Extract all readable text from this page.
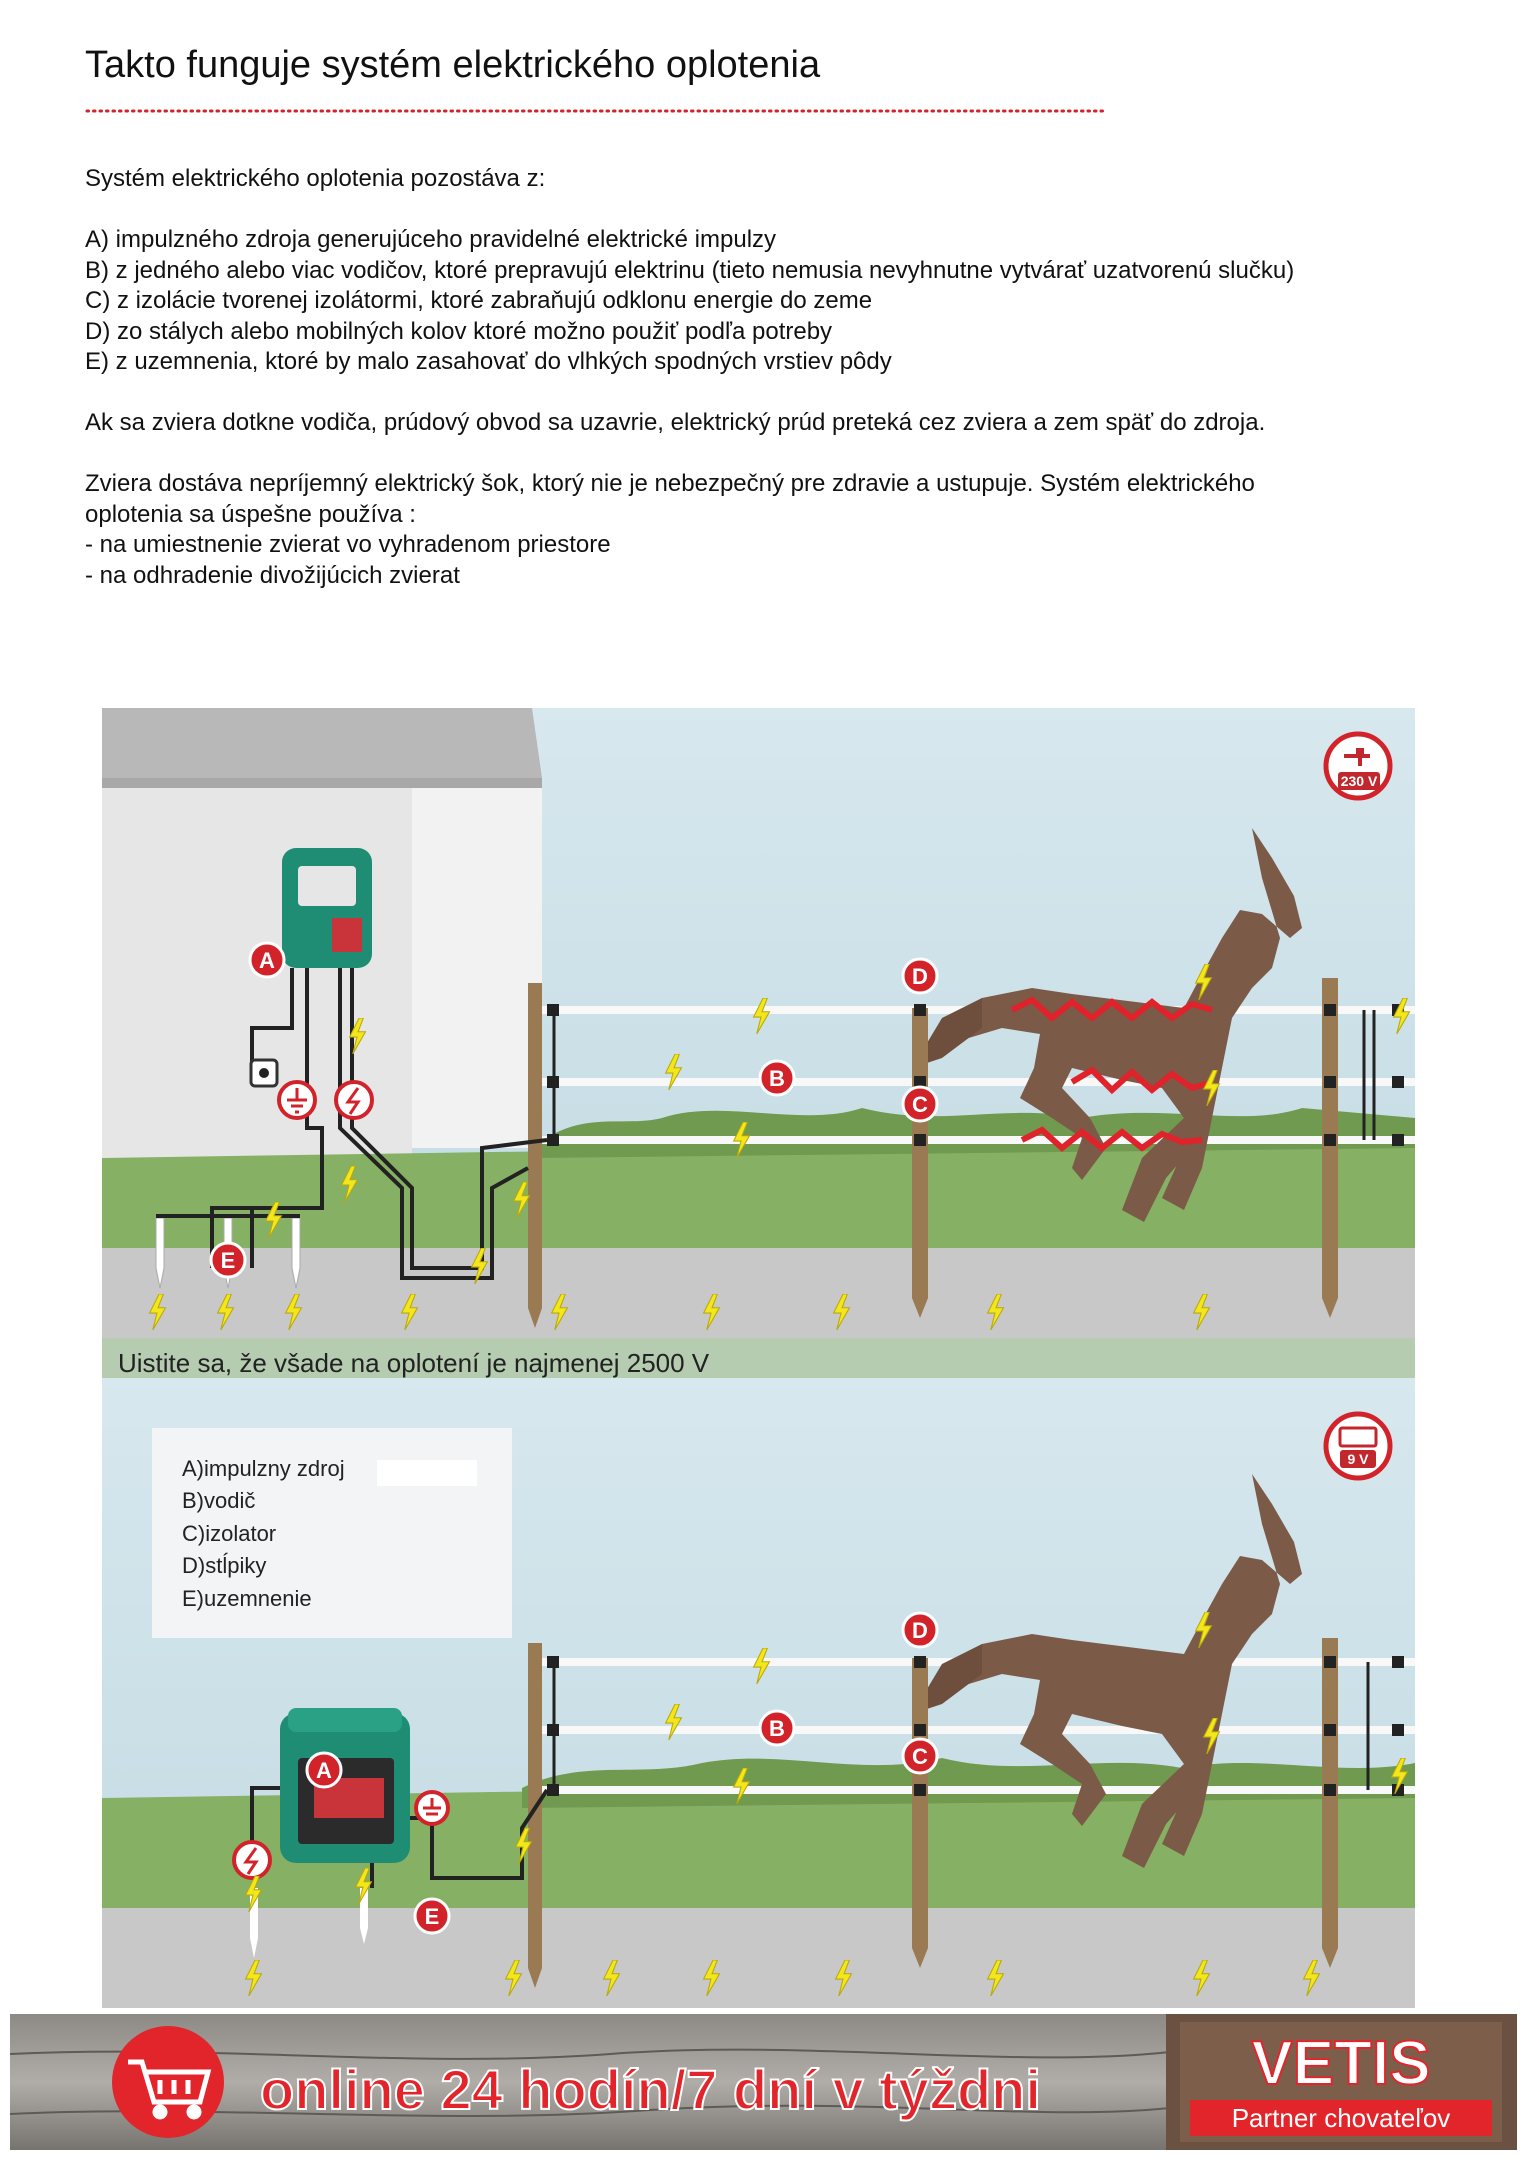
Takto funguje systém elektrického oplotenia
Systém elektrického oplotenia pozostáva z:
A) impulzného zdroja generujúceho pravidelné elektrické impulzy
B) z jedného alebo viac vodičov, ktoré prepravujú elektrinu (tieto nemusia nevyhnutne vytvárať uzatvorenú slučku)
C) z izolácie tvorenej izolátormi, ktoré zabraňujú odklonu energie do zeme
D) zo stálych alebo mobilných kolov ktoré možno použiť podľa potreby
E) z uzemnenia, ktoré by malo zasahovať do vlhkých spodných vrstiev pôdy
Ak sa zviera dotkne vodiča, prúdový obvod sa uzavrie, elektrický prúd preteká cez zviera a zem späť do zdroja.
Zviera dostáva nepríjemný elektrický šok, ktorý nie je nebezpečný pre zdravie a ustupuje. Systém elektrického
oplotenia sa úspešne používa :
- na umiestnenie zvierat vo vyhradenom priestore
- na odhradenie divožijúcich zvierat
Uistite sa, že všade na oplotení je najmenej 2500 V
A
B
C
D
E
230 V
A)impulzny zdroj
B)vodič
C)izolator
D)stĺpiky
E)uzemnenie
A
B
C
D
E
9 V
online 24 hodín/7 dní v týždni	VETIS
Partner chovateľov
